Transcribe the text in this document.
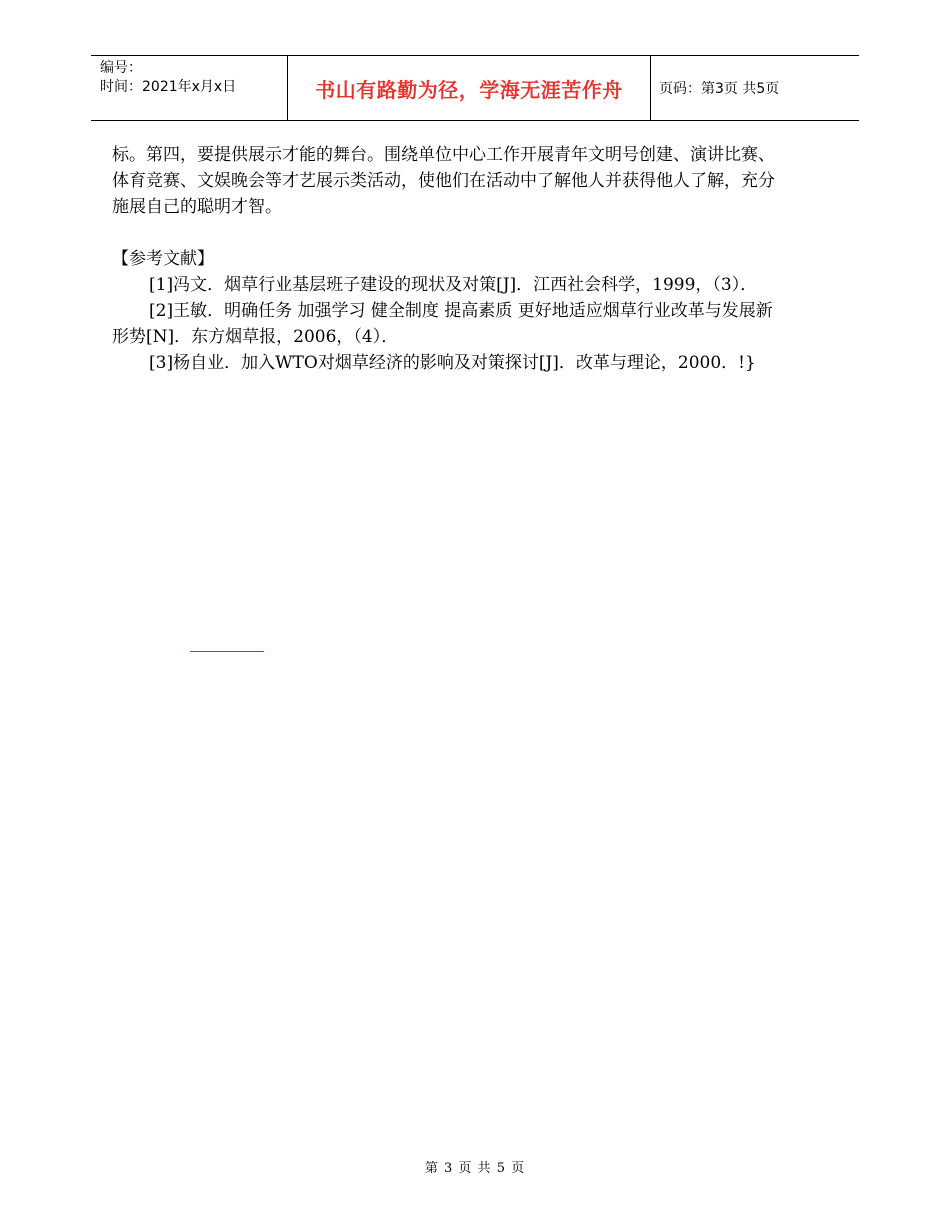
编号：
时间：2021年x月x日	书山有路勤为径，学海无涯苦作舟	页码：第3页 共5页

标。第四，要提供展示才能的舞台。围绕单位中心工作开展青年文明号创建、演讲比赛、体育竞赛、文娱晚会等才艺展示类活动，使他们在活动中了解他人并获得他人了解，充分施展自己的聪明才智。

【参考文献】

[1]冯文．烟草行业基层班子建设的现状及对策[J]．江西社会科学，1999，（3）．

[2]王敏．明确任务 加强学习 健全制度 提高素质 更好地适应烟草行业改革与发展新形势[N]．东方烟草报，2006，（4）．

[3]杨自业．加入WTO对烟草经济的影响及对策探讨[J]．改革与理论，2000．!}

第 3 页 共 5 页
